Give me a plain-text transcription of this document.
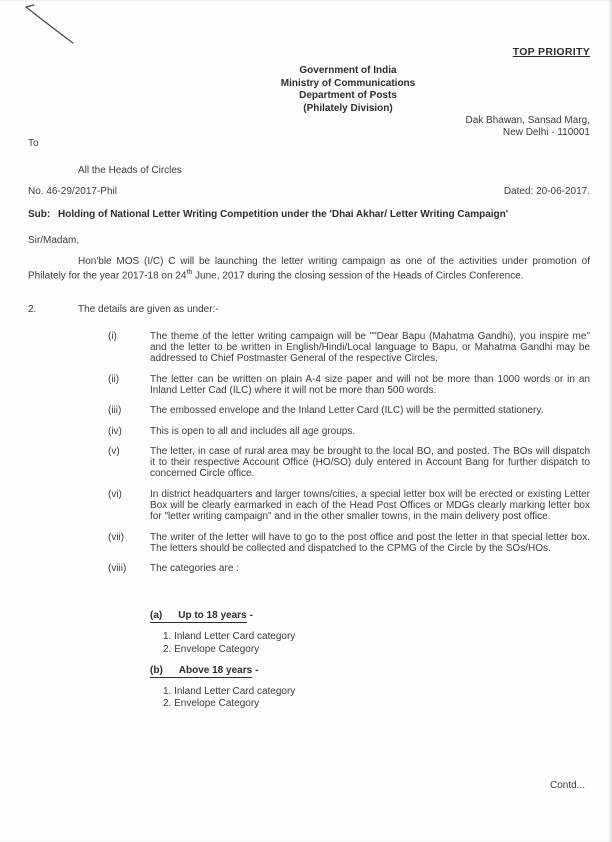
TOP PRIORITY
Government of India
Ministry of Communications
Department of Posts
(Philately Division)
Dak Bhawan, Sansad Marg,
New Delhi - 110001
To
All the Heads of Circles
No. 46-29/2017-Phil	Dated: 20-06-2017.
Sub: Holding of National Letter Writing Competition under the 'Dhai Akhar/ Letter Writing Campaign'
Sir/Madam,

Hon'ble MOS (I/C) C will be launching the letter writing campaign as one of the activities under promotion of Philately for the year 2017-18 on 24th June, 2017 during the closing session of the Heads of Circles Conference.

2.	The details are given as under:-
(i)	The theme of the letter writing campaign will be ""Dear Bapu (Mahatma Gandhi), you inspire me" and the letter to be written in English/Hindi/Local language to Bapu, or Mahatma Gandhi may be addressed to Chief Postmaster General of the respective Circles.
(ii)	The letter can be written on plain A-4 size paper and will not be more than 1000 words or in an Inland Letter Cad (ILC) where it will not be more than 500 words.
(iii)	The embossed envelope and the Inland Letter Card (ILC) will be the permitted stationery.
(iv)	This is open to all and includes all age groups.
(v)	The letter, in case of rural area may be brought to the local BO, and posted. The BOs will dispatch it to their respective Account Office (HO/SO) duly entered in Account Bang for further dispatch to concerned Circle office.
(vi)	In district headquarters and larger towns/cities, a special letter box will be erected or existing Letter Box will be clearly earmarked in each of the Head Post Offices or MDGs clearly marking letter box for "letter writing campaign" and in the other smaller towns, in the main delivery post office.
(vii)	The writer of the letter will have to go to the post office and post the letter in that special letter box. The letters should be collected and dispatched to the CPMG of the Circle by the SOs/HOs.
(viii)	The categories are :
(a) Up to 18 years -
1. Inland Letter Card category
2. Envelope Category
(b) Above 18 years -
1. Inland Letter Card category
2. Envelope Category
Contd...
